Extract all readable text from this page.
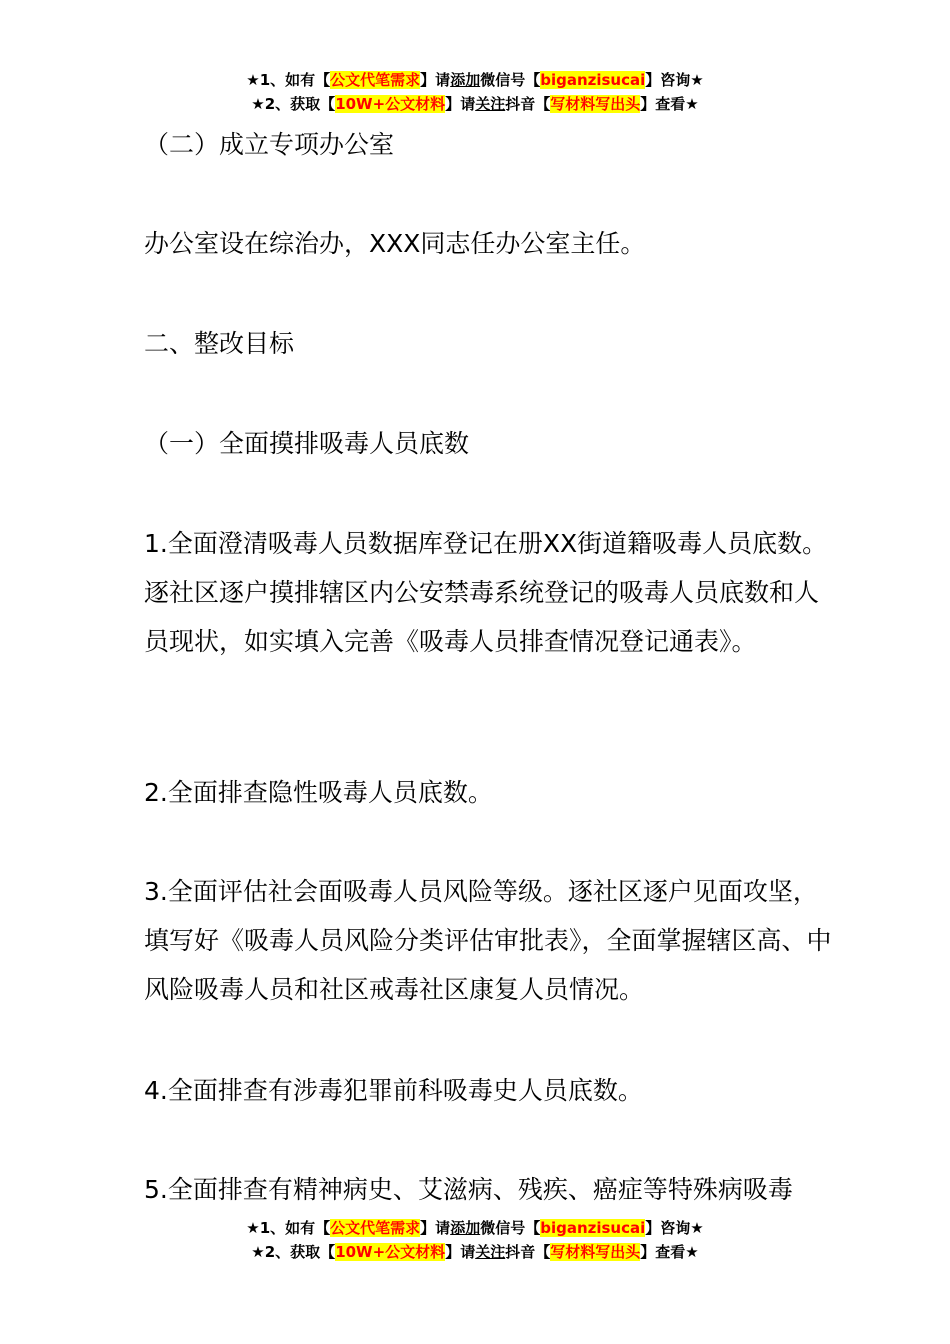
★1、如有【公文代笔需求】请添加微信号【biganzisucai】咨询★
★2、获取【10W+公文材料】请关注抖音【写材料写出头】查看★

（二）成立专项办公室

办公室设在综治办，XXX同志任办公室主任。

二、整改目标

（一）全面摸排吸毒人员底数

1.全面澄清吸毒人员数据库登记在册XX街道籍吸毒人员底数。逐社区逐户摸排辖区内公安禁毒系统登记的吸毒人员底数和人员现状，如实填入完善《吸毒人员排查情况登记通表》。

2.全面排查隐性吸毒人员底数。

3.全面评估社会面吸毒人员风险等级。逐社区逐户见面攻坚，填写好《吸毒人员风险分类评估审批表》，全面掌握辖区高、中风险吸毒人员和社区戒毒社区康复人员情况。

4.全面排查有涉毒犯罪前科吸毒史人员底数。

5.全面排查有精神病史、艾滋病、残疾、癌症等特殊病吸毒

★1、如有【公文代笔需求】请添加微信号【biganzisucai】咨询★
★2、获取【10W+公文材料】请关注抖音【写材料写出头】查看★
